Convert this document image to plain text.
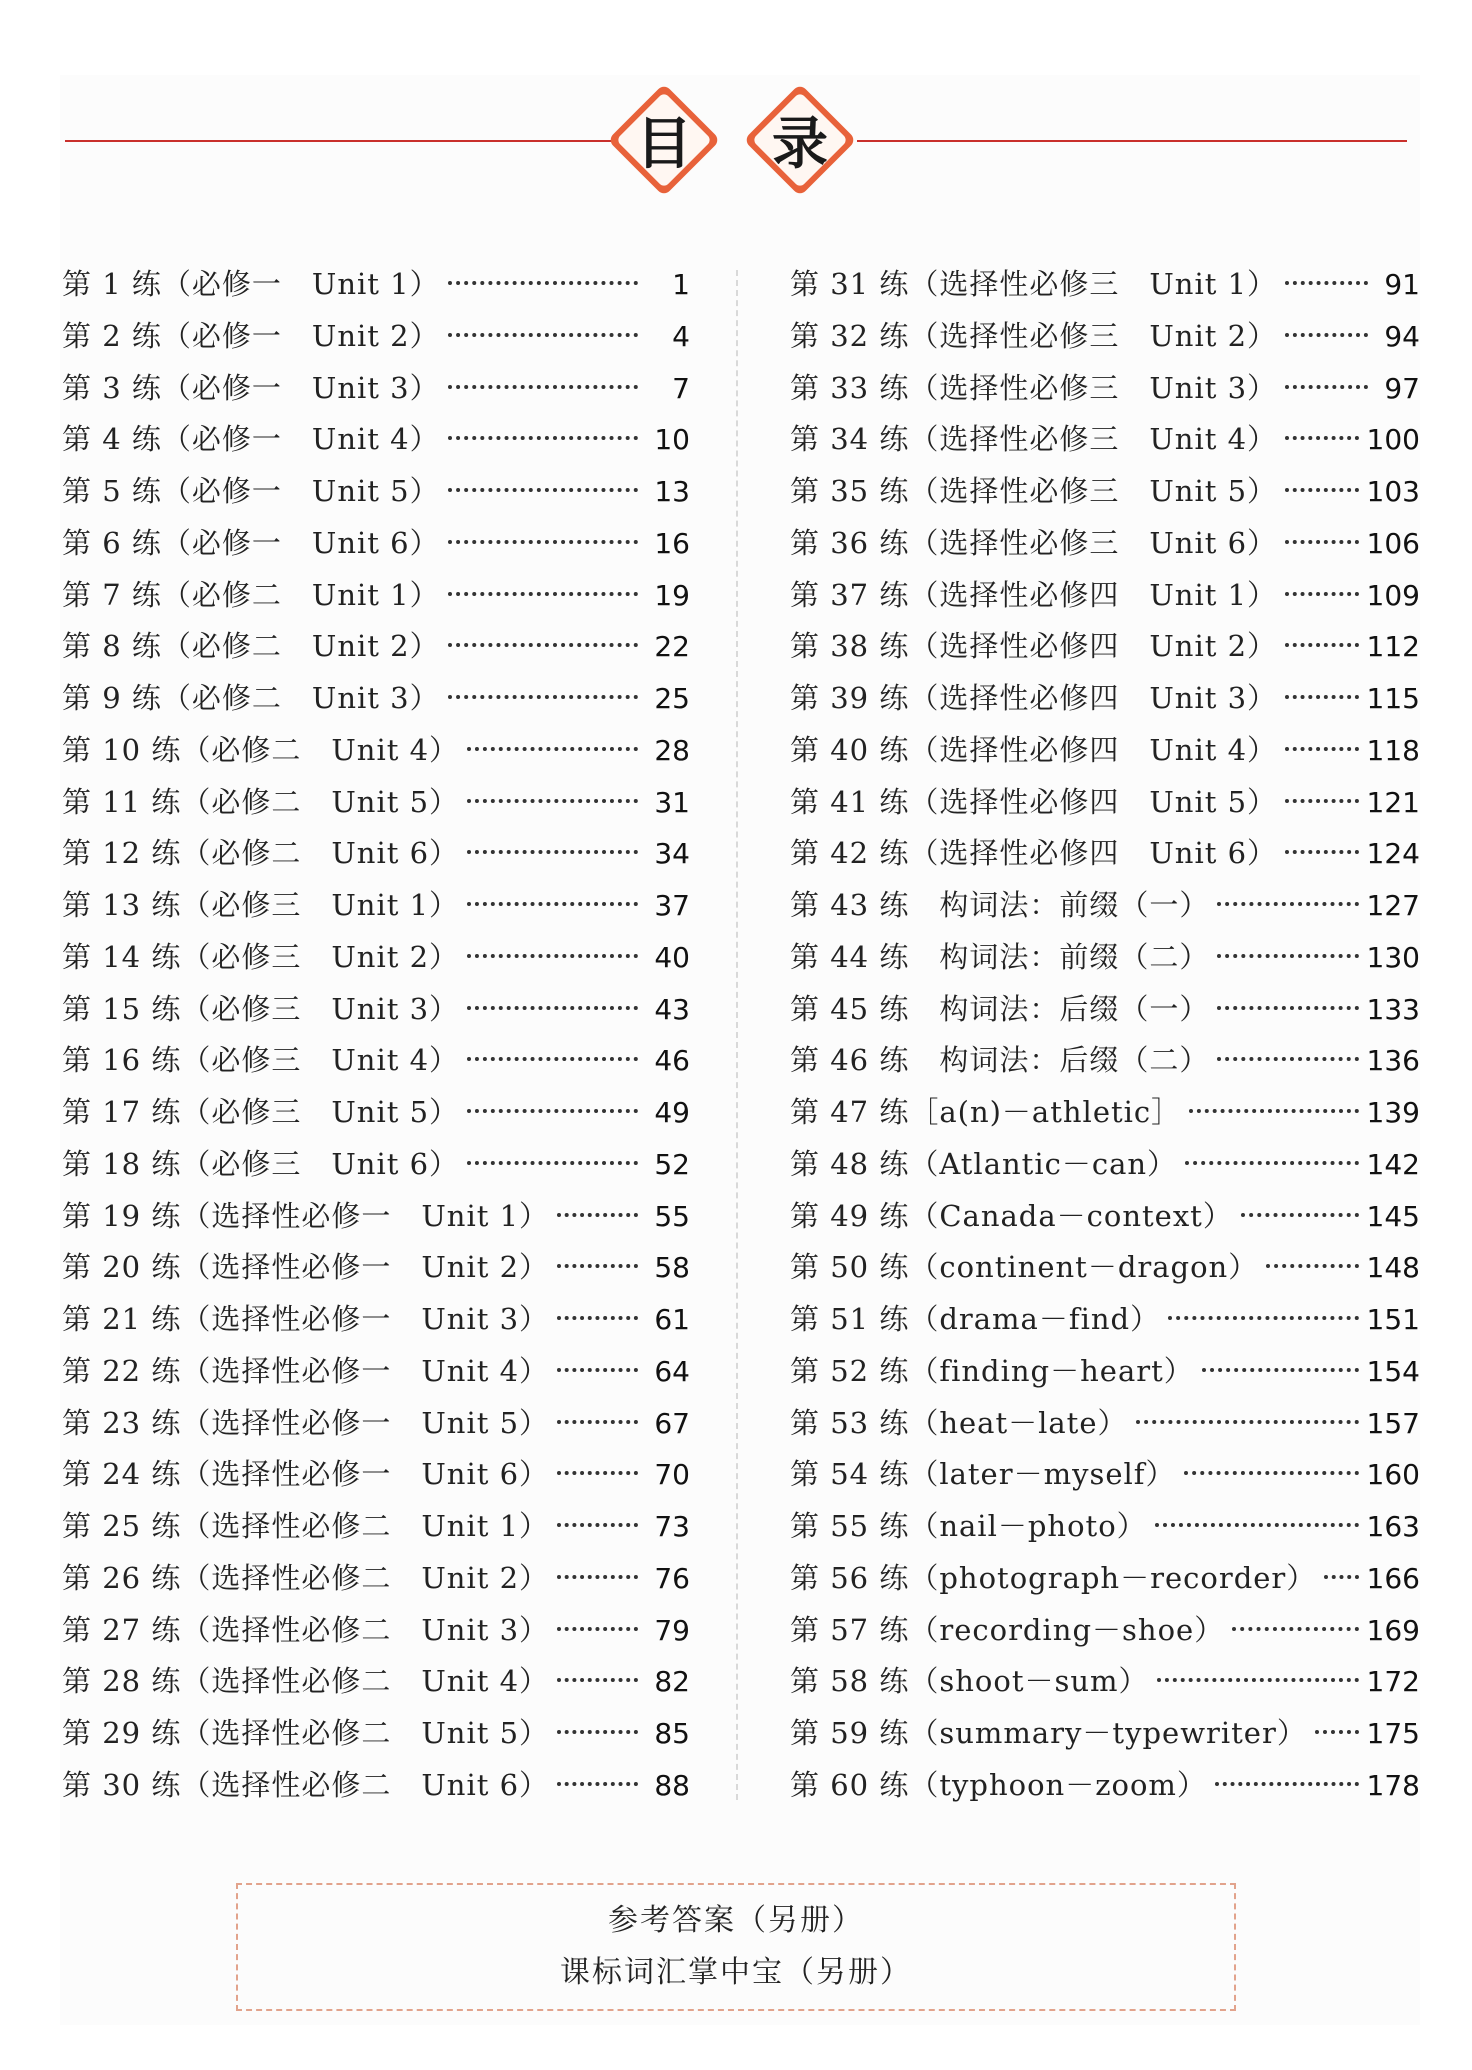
目	录
第 1 练（必修一　Unit 1）	1
第 2 练（必修一　Unit 2）	4
第 3 练（必修一　Unit 3）	7
第 4 练（必修一　Unit 4）	10
第 5 练（必修一　Unit 5）	13
第 6 练（必修一　Unit 6）	16
第 7 练（必修二　Unit 1）	19
第 8 练（必修二　Unit 2）	22
第 9 练（必修二　Unit 3）	25
第 10 练（必修二　Unit 4）	28
第 11 练（必修二　Unit 5）	31
第 12 练（必修二　Unit 6）	34
第 13 练（必修三　Unit 1）	37
第 14 练（必修三　Unit 2）	40
第 15 练（必修三　Unit 3）	43
第 16 练（必修三　Unit 4）	46
第 17 练（必修三　Unit 5）	49
第 18 练（必修三　Unit 6）	52
第 19 练（选择性必修一　Unit 1）	55
第 20 练（选择性必修一　Unit 2）	58
第 21 练（选择性必修一　Unit 3）	61
第 22 练（选择性必修一　Unit 4）	64
第 23 练（选择性必修一　Unit 5）	67
第 24 练（选择性必修一　Unit 6）	70
第 25 练（选择性必修二　Unit 1）	73
第 26 练（选择性必修二　Unit 2）	76
第 27 练（选择性必修二　Unit 3）	79
第 28 练（选择性必修二　Unit 4）	82
第 29 练（选择性必修二　Unit 5）	85
第 30 练（选择性必修二　Unit 6）	88
第 31 练（选择性必修三　Unit 1）	91
第 32 练（选择性必修三　Unit 2）	94
第 33 练（选择性必修三　Unit 3）	97
第 34 练（选择性必修三　Unit 4）	100
第 35 练（选择性必修三　Unit 5）	103
第 36 练（选择性必修三　Unit 6）	106
第 37 练（选择性必修四　Unit 1）	109
第 38 练（选择性必修四　Unit 2）	112
第 39 练（选择性必修四　Unit 3）	115
第 40 练（选择性必修四　Unit 4）	118
第 41 练（选择性必修四　Unit 5）	121
第 42 练（选择性必修四　Unit 6）	124
第 43 练　构词法：前缀（一）	127
第 44 练　构词法：前缀（二）	130
第 45 练　构词法：后缀（一）	133
第 46 练　构词法：后缀（二）	136
第 47 练［a(n)－athletic］	139
第 48 练（Atlantic－can）	142
第 49 练（Canada－context）	145
第 50 练（continent－dragon）	148
第 51 练（drama－find）	151
第 52 练（finding－heart）	154
第 53 练（heat－late）	157
第 54 练（later－myself）	160
第 55 练（nail－photo）	163
第 56 练（photograph－recorder） 166
第 57 练（recording－shoe）	169
第 58 练（shoot－sum）	172
第 59 练（summary－typewriter） 175
第 60 练（typhoon－zoom）	178
参考答案（另册）
课标词汇掌中宝（另册）
